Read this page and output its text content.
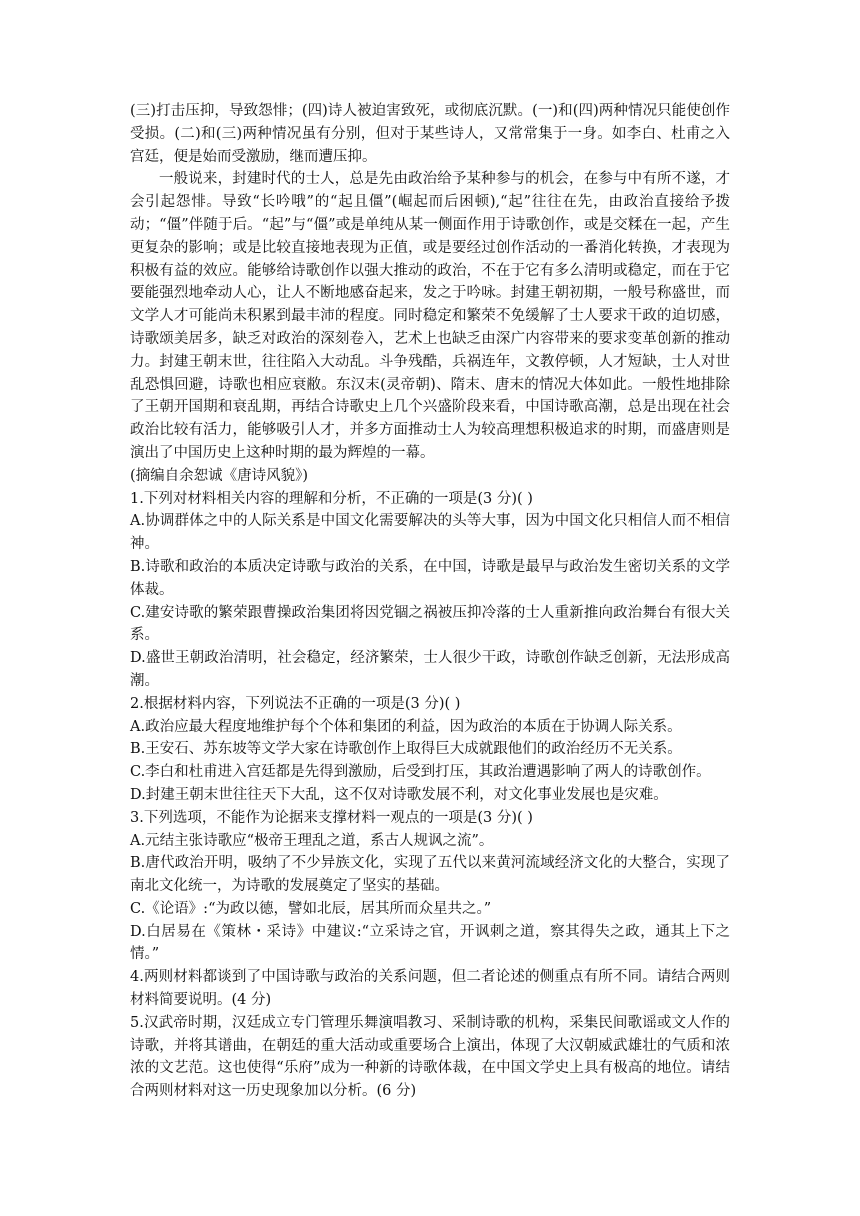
(三)打击压抑，导致怨悱；(四)诗人被迫害致死，或彻底沉默。(一)和(四)两种情况只能使创作受损。(二)和(三)两种情况虽有分别，但对于某些诗人，又常常集于一身。如李白、杜甫之入宫廷，便是始而受激励，继而遭压抑。

一般说来，封建时代的士人，总是先由政治给予某种参与的机会，在参与中有所不遂，才会引起怨悱。导致“长吟哦”的“起且僵”(崛起而后困顿),“起”往往在先，由政治直接给予拨动；“僵”伴随于后。“起”与“僵”或是单纯从某一侧面作用于诗歌创作，或是交糅在一起，产生更复杂的影响；或是比较直接地表现为正值，或是要经过创作活动的一番消化转换，才表现为积极有益的效应。能够给诗歌创作以强大推动的政治，不在于它有多么清明或稳定，而在于它要能强烈地牵动人心，让人不断地感奋起来，发之于吟咏。封建王朝初期，一般号称盛世，而文学人才可能尚未积累到最丰沛的程度。同时稳定和繁荣不免缓解了士人要求干政的迫切感，诗歌颂美居多，缺乏对政治的深刻卷入，艺术上也缺乏由深广内容带来的要求变革创新的推动力。封建王朝末世，往往陷入大动乱。斗争残酷，兵祸连年，文教停顿，人才短缺，士人对世乱恐惧回避，诗歌也相应衰敝。东汉末(灵帝朝)、隋末、唐末的情况大体如此。一般性地排除了王朝开国期和衰乱期，再结合诗歌史上几个兴盛阶段来看，中国诗歌高潮，总是出现在社会政治比较有活力，能够吸引人才，并多方面推动士人为较高理想积极追求的时期，而盛唐则是演出了中国历史上这种时期的最为辉煌的一幕。

(摘编自余恕诚《唐诗风貌》)

1.下列对材料相关内容的理解和分析，不正确的一项是(3 分)( )

A.协调群体之中的人际关系是中国文化需要解决的头等大事，因为中国文化只相信人而不相信神。

B.诗歌和政治的本质决定诗歌与政治的关系，在中国，诗歌是最早与政治发生密切关系的文学体裁。

C.建安诗歌的繁荣跟曹操政治集团将因党锢之祸被压抑冷落的士人重新推向政治舞台有很大关系。

D.盛世王朝政治清明，社会稳定，经济繁荣，士人很少干政，诗歌创作缺乏创新，无法形成高潮。

2.根据材料内容，下列说法不正确的一项是(3 分)( )

A.政治应最大程度地维护每个个体和集团的利益，因为政治的本质在于协调人际关系。

B.王安石、苏东坡等文学大家在诗歌创作上取得巨大成就跟他们的政治经历不无关系。

C.李白和杜甫进入宫廷都是先得到激励，后受到打压，其政治遭遇影响了两人的诗歌创作。

D.封建王朝末世往往天下大乱，这不仅对诗歌发展不利，对文化事业发展也是灾难。

3.下列选项，不能作为论据来支撑材料一观点的一项是(3 分)( )

A.元结主张诗歌应“极帝王理乱之道，系古人规讽之流”。

B.唐代政治开明，吸纳了不少异族文化，实现了五代以来黄河流域经济文化的大整合，实现了南北文化统一，为诗歌的发展奠定了坚实的基础。

C.《论语》:“为政以德，譬如北辰，居其所而众星共之。”

D.白居易在《策林・采诗》中建议:“立采诗之官，开讽刺之道，察其得失之政，通其上下之情。”

4.两则材料都谈到了中国诗歌与政治的关系问题，但二者论述的侧重点有所不同。请结合两则材料简要说明。(4 分)

5.汉武帝时期，汉廷成立专门管理乐舞演唱教习、采制诗歌的机构，采集民间歌谣或文人作的诗歌，并将其谱曲，在朝廷的重大活动或重要场合上演出，体现了大汉朝威武雄壮的气质和浓浓的文艺范。这也使得“乐府”成为一种新的诗歌体裁，在中国文学史上具有极高的地位。请结合两则材料对这一历史现象加以分析。(6 分)
